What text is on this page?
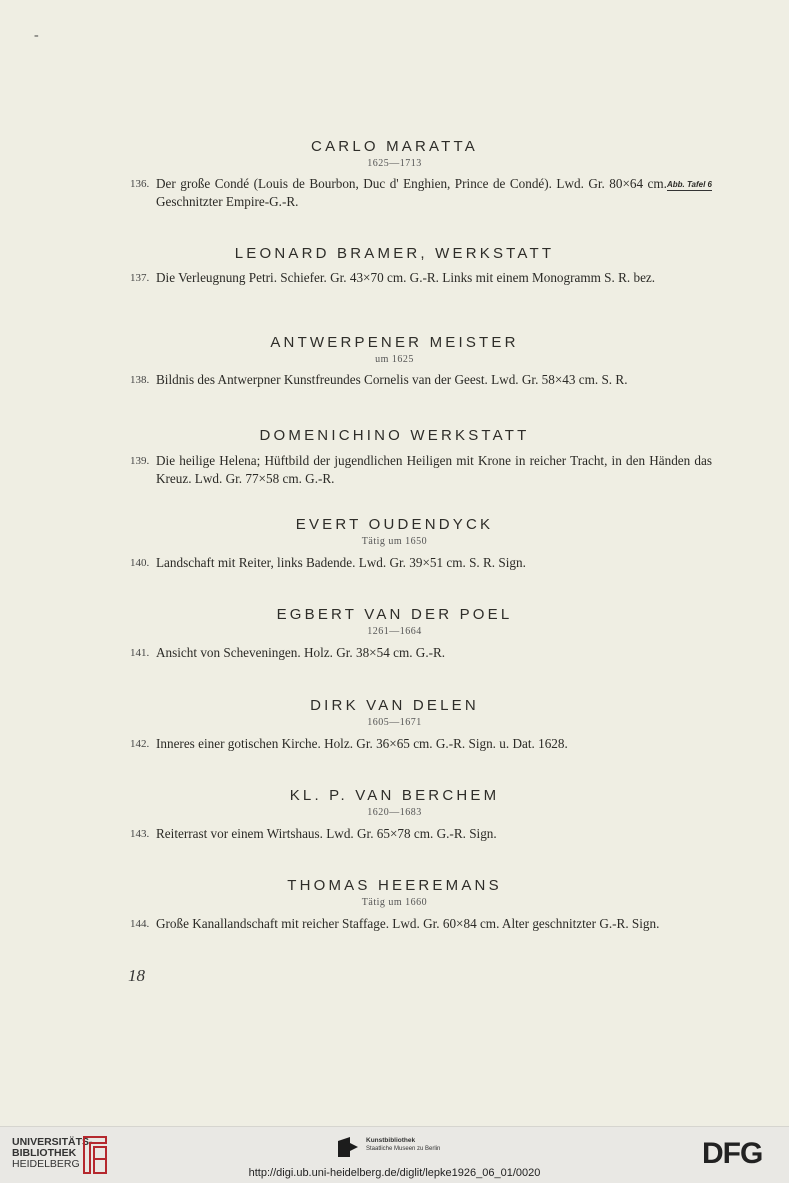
-
CARLO MARATTA
1625—1713
136.	Abb. Tafel 6
Der große Condé (Louis de Bourbon, Duc d' Enghien, Prince de Condé). Lwd. Gr. 80×64 cm. Geschnitzter Empire-G.-R.
LEONARD BRAMER, WERKSTATT
137. Die Verleugnung Petri. Schiefer. Gr. 43×70 cm. G.-R. Links mit einem Monogramm S. R. bez.
ANTWERPENER MEISTER
um 1625
138. Bildnis des Antwerpner Kunstfreundes Cornelis van der Geest. Lwd. Gr. 58×43 cm. S. R.
DOMENICHINO WERKSTATT
139. Die heilige Helena; Hüftbild der jugendlichen Heiligen mit Krone in reicher Tracht, in den Händen das Kreuz. Lwd. Gr. 77×58 cm. G.-R.
EVERT OUDENDYCK
Tätig um 1650
140. Landschaft mit Reiter, links Badende. Lwd. Gr. 39×51 cm. S. R. Sign.
EGBERT VAN DER POEL
1261—1664
141. Ansicht von Scheveningen. Holz. Gr. 38×54 cm. G.-R.
DIRK VAN DELEN
1605—1671
142. Inneres einer gotischen Kirche. Holz. Gr. 36×65 cm. G.-R. Sign. u. Dat. 1628.
KL. P. VAN BERCHEM
1620—1683
143. Reiterrast vor einem Wirtshaus. Lwd. Gr. 65×78 cm. G.-R. Sign.
THOMAS HEEREMANS
Tätig um 1660
144. Große Kanallandschaft mit reicher Staffage. Lwd. Gr. 60×84 cm. Alter geschnitzter G.-R. Sign.
18
UNIVERSITÄTS-
BIBLIOTHEK
HEIDELBERG
Kunstbibliothek
Staatliche Museen zu Berlin	DFG
http://digi.ub.uni-heidelberg.de/diglit/lepke1926_06_01/0020
